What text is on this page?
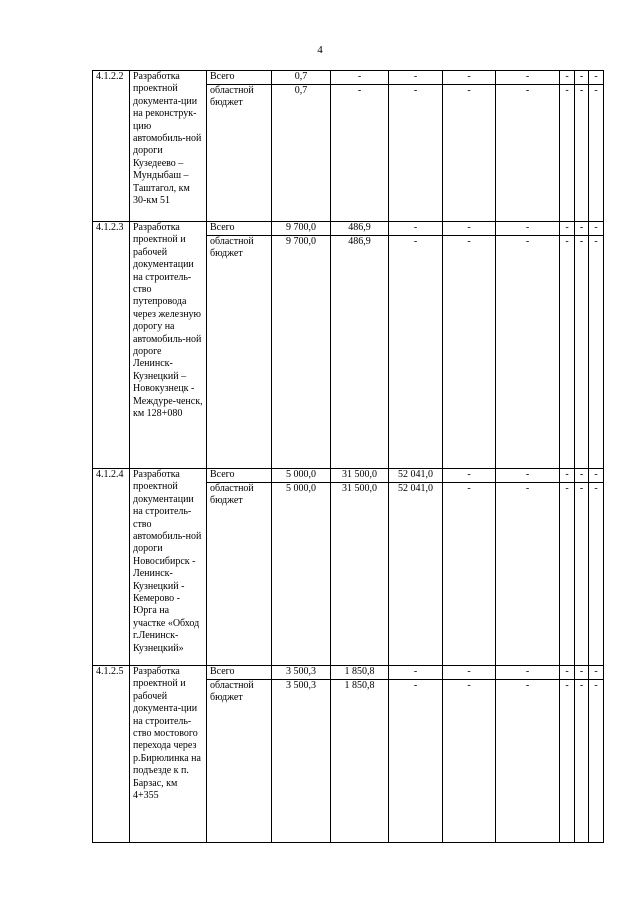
4
4.1.2.2	Разработка проектной документа-ции на реконструк-цию автомобиль-ной дороги Кузедеево – Мундыбаш – Таштагол, км 30-км 51	Всего	0,7	-	-	-	-	-	-	-
		областной бюджет	0,7	-	-	-	-	-	-	-
4.1.2.3	Разработка проектной и рабочей документации на строитель-ство путепровода через железную дорогу на автомобиль-ной дороге Ленинск-Кузнецкий – Новокузнецк - Междуре-ченск, км 128+080	Всего	9 700,0	486,9	-	-	-	-	-	-
		областной бюджет	9 700,0	486,9	-	-	-	-	-	-
4.1.2.4	Разработка проектной документации на строитель-ство автомобиль-ной дороги Новосибирск - Ленинск-Кузнецкий - Кемерово - Юрга на участке «Обход г.Ленинск-Кузнецкий»	Всего	5 000,0	31 500,0	52 041,0	-	-	-	-	-
		областной бюджет	5 000,0	31 500,0	52 041,0	-	-	-	-	-
4.1.2.5	Разработка проектной и рабочей документа-ции на строитель-ство мостового перехода через р.Бирюлинка на подъезде к п. Барзас, км 4+355	Всего	3 500,3	1 850,8	-	-	-	-	-	-
		областной бюджет	3 500,3	1 850,8	-	-	-	-	-	-
